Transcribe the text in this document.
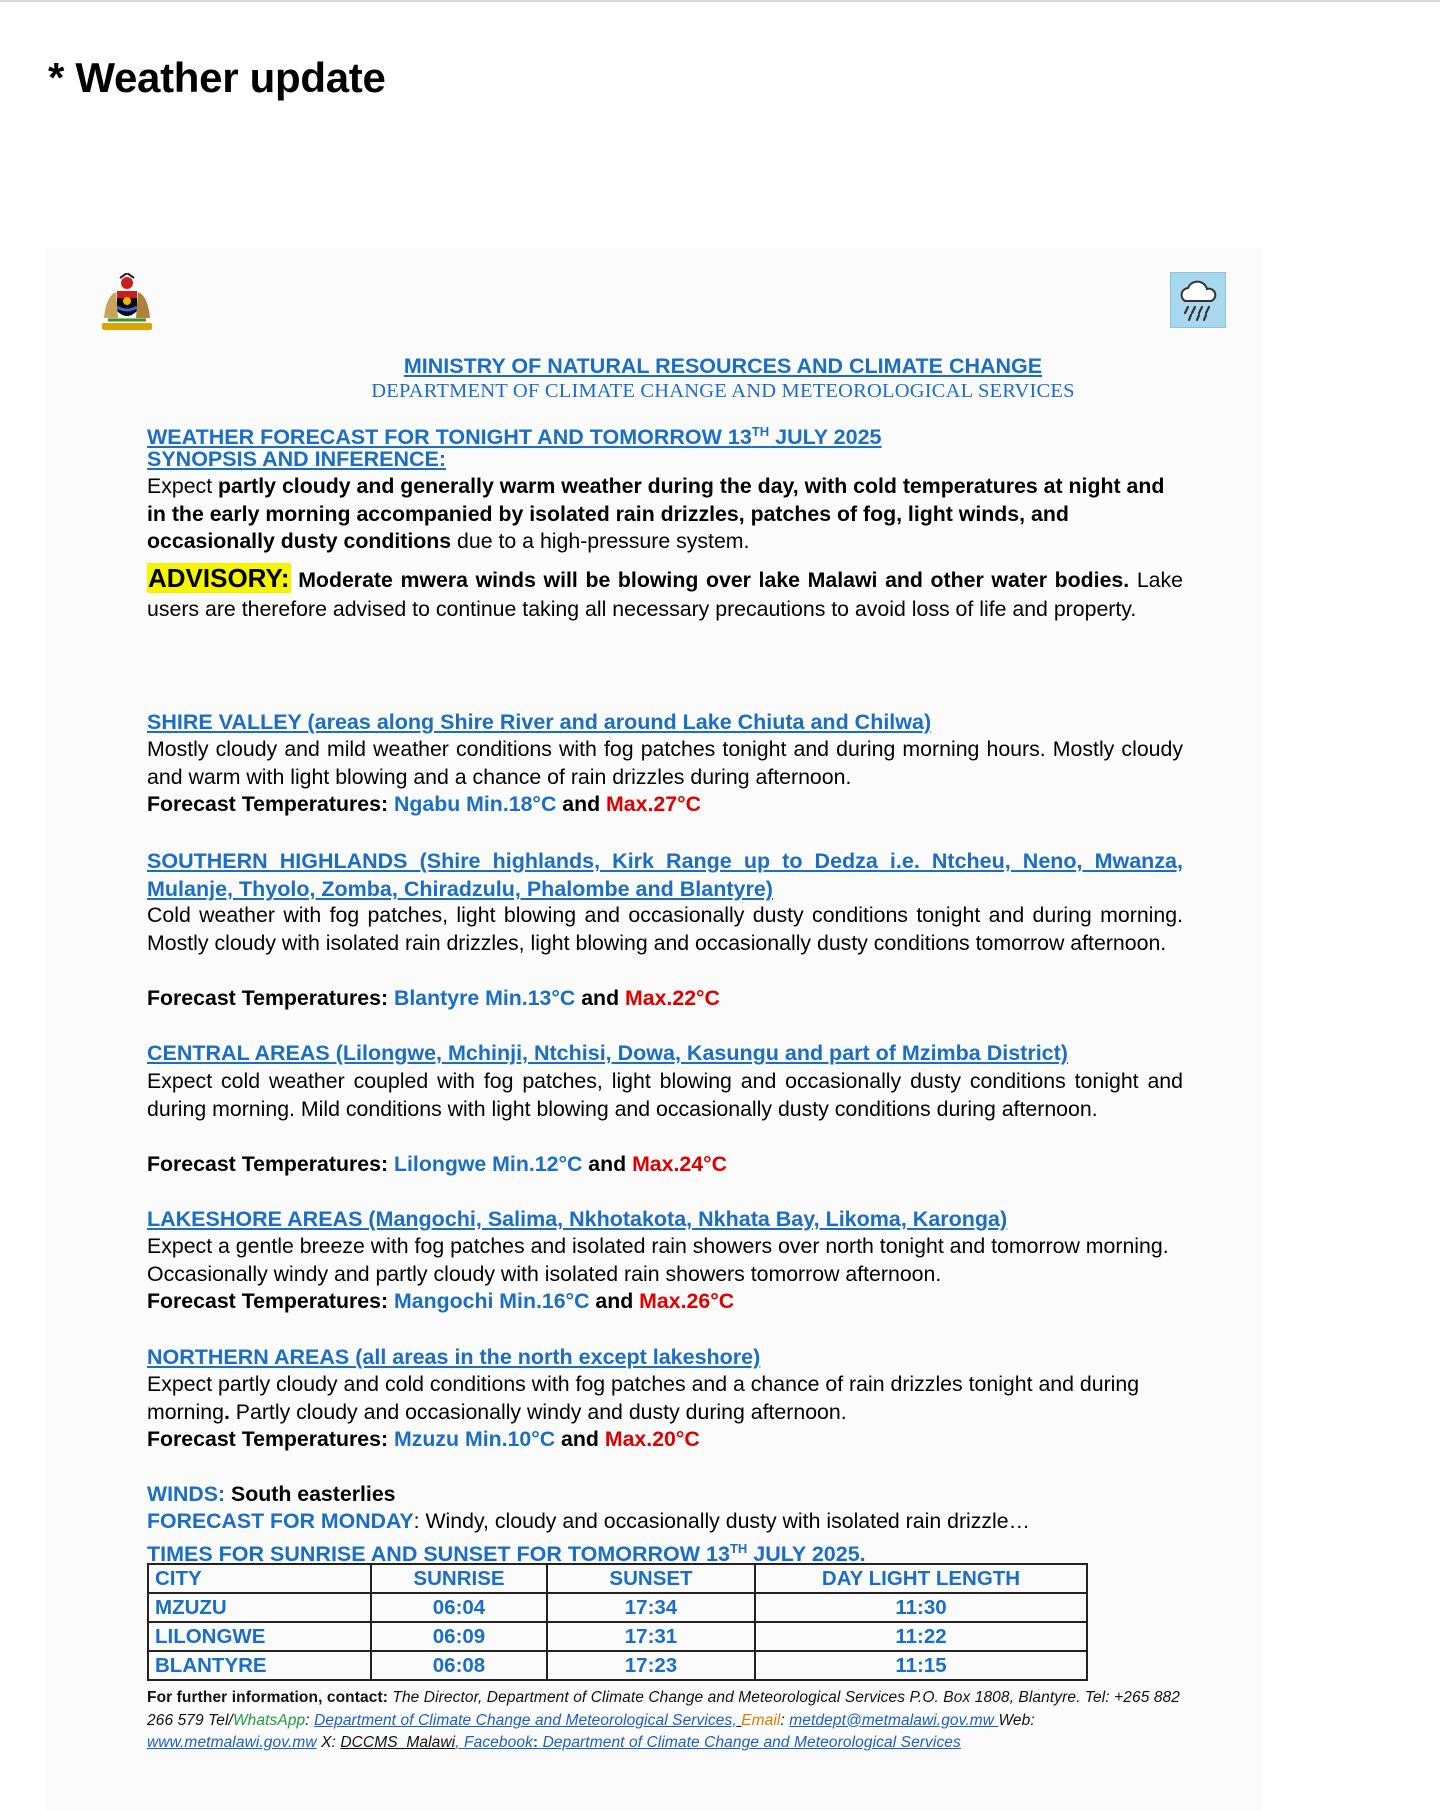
* Weather update
MINISTRY OF NATURAL RESOURCES AND CLIMATE CHANGE
DEPARTMENT OF CLIMATE CHANGE AND METEOROLOGICAL SERVICES
WEATHER FORECAST FOR TONIGHT AND TOMORROW 13TH JULY 2025
SYNOPSIS AND INFERENCE:
Expect partly cloudy and generally warm weather during the day, with cold temperatures at night and in the early morning accompanied by isolated rain drizzles, patches of fog, light winds, and occasionally dusty conditions due to a high-pressure system.
ADVISORY: Moderate mwera winds will be blowing over lake Malawi and other water bodies. Lake users are therefore advised to continue taking all necessary precautions to avoid loss of life and property.
SHIRE VALLEY (areas along Shire River and around Lake Chiuta and Chilwa)
Mostly cloudy and mild weather conditions with fog patches tonight and during morning hours. Mostly cloudy and warm with light blowing and a chance of rain drizzles during afternoon.
Forecast Temperatures: Ngabu Min.18°C and Max.27°C
SOUTHERN HIGHLANDS (Shire highlands, Kirk Range up to Dedza i.e. Ntcheu, Neno, Mwanza, Mulanje, Thyolo, Zomba, Chiradzulu, Phalombe and Blantyre)
Cold weather with fog patches, light blowing and occasionally dusty conditions tonight and during morning. Mostly cloudy with isolated rain drizzles, light blowing and occasionally dusty conditions tomorrow afternoon.
Forecast Temperatures: Blantyre Min.13°C and Max.22°C
CENTRAL AREAS (Lilongwe, Mchinji, Ntchisi, Dowa, Kasungu and part of Mzimba District)
Expect cold weather coupled with fog patches, light blowing and occasionally dusty conditions tonight and during morning. Mild conditions with light blowing and occasionally dusty conditions during afternoon.
Forecast Temperatures: Lilongwe Min.12°C and Max.24°C
LAKESHORE AREAS (Mangochi, Salima, Nkhotakota, Nkhata Bay, Likoma, Karonga)
Expect a gentle breeze with fog patches and isolated rain showers over north tonight and tomorrow morning. Occasionally windy and partly cloudy with isolated rain showers tomorrow afternoon.
Forecast Temperatures: Mangochi Min.16°C and Max.26°C
NORTHERN AREAS (all areas in the north except lakeshore)
Expect partly cloudy and cold conditions with fog patches and a chance of rain drizzles tonight and during morning. Partly cloudy and occasionally windy and dusty during afternoon.
Forecast Temperatures: Mzuzu Min.10°C and Max.20°C
WINDS: South easterlies
FORECAST FOR MONDAY: Windy, cloudy and occasionally dusty with isolated rain drizzle…
TIMES FOR SUNRISE AND SUNSET FOR TOMORROW 13TH JULY 2025.
CITY	SUNRISE	SUNSET	DAY LIGHT LENGTH
MZUZU	06:04	17:34	11:30
LILONGWE	06:09	17:31	11:22
BLANTYRE	06:08	17:23	11:15
For further information, contact: The Director, Department of Climate Change and Meteorological Services P.O. Box 1808, Blantyre. Tel: +265 882 266 579 Tel/WhatsApp: Department of Climate Change and Meteorological Services, Email: metdept@metmalawi.gov.mw Web: www.metmalawi.gov.mw X: DCCMS_Malawi, Facebook: Department of Climate Change and Meteorological Services
